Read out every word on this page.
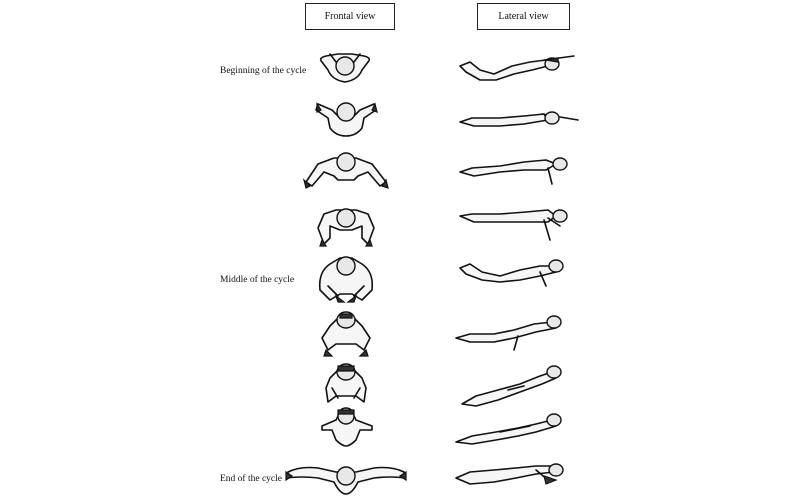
Frontal view	Lateral view
Beginning of the cycle
Middle of the cycle
End of the cycle
